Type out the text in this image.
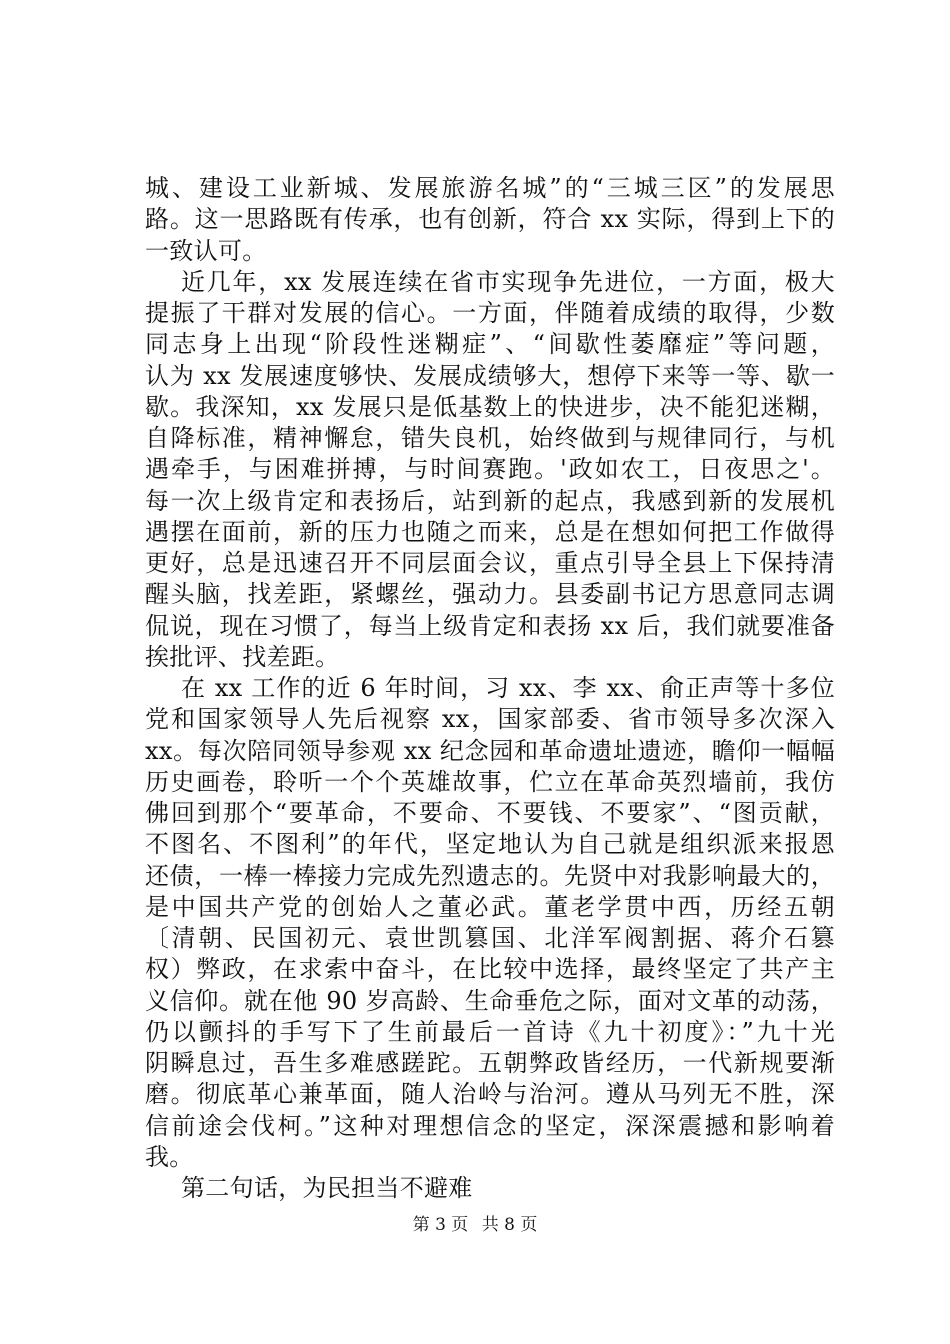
城、建设工业新城、发展旅游名城”的“三城三区”的发展思
路。这一思路既有传承，也有创新，符合 xx 实际，得到上下的
一致认可。
近几年，xx 发展连续在省市实现争先进位，一方面，极大
提振了干群对发展的信心。一方面，伴随着成绩的取得，少数
同志身上出现“阶段性迷糊症”、“间歇性萎靡症”等问题，
认为 xx 发展速度够快、发展成绩够大，想停下来等一等、歇一
歇。我深知，xx 发展只是低基数上的快进步，决不能犯迷糊，
自降标准，精神懈怠，错失良机，始终做到与规律同行，与机
遇牵手，与困难拼搏，与时间赛跑。'政如农工，日夜思之'。
每一次上级肯定和表扬后，站到新的起点，我感到新的发展机
遇摆在面前，新的压力也随之而来，总是在想如何把工作做得
更好，总是迅速召开不同层面会议，重点引导全县上下保持清
醒头脑，找差距，紧螺丝，强动力。县委副书记方思意同志调
侃说，现在习惯了，每当上级肯定和表扬 xx 后，我们就要准备
挨批评、找差距。
在 xx 工作的近 6 年时间，习 xx、李 xx、俞正声等十多位
党和国家领导人先后视察 xx，国家部委、省市领导多次深入
xx。每次陪同领导参观 xx 纪念园和革命遗址遗迹，瞻仰一幅幅
历史画卷，聆听一个个英雄故事，伫立在革命英烈墙前，我仿
佛回到那个“要革命，不要命、不要钱、不要家”、“图贡献，
不图名、不图利”的年代，坚定地认为自己就是组织派来报恩
还债，一棒一棒接力完成先烈遗志的。先贤中对我影响最大的，
是中国共产党的创始人之董必武。董老学贯中西，历经五朝
〔清朝、民国初元、袁世凯篡国、北洋军阀割据、蒋介石篡
权）弊政，在求索中奋斗，在比较中选择，最终坚定了共产主
义信仰。就在他 90 岁高龄、生命垂危之际，面对文革的动荡，
仍以颤抖的手写下了生前最后一首诗《九十初度》：”九十光
阴瞬息过，吾生多难感蹉跎。五朝弊政皆经历，一代新规要渐
磨。彻底革心兼革面，随人治岭与治河。遵从马列无不胜，深
信前途会伐柯。”这种对理想信念的坚定，深深震撼和影响着
我。
第二句话，为民担当不避难
第 3 页 共 8 页
